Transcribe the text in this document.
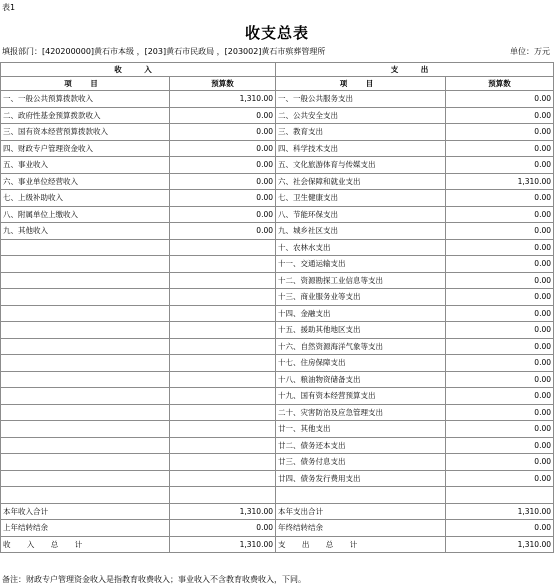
表1
收支总表
填报部门：[420200000]黄石市本级 ，[203]黄石市民政局 ，[203002]黄石市殡葬管理所	单位：万元
收 入		支 出	
项 目	预算数	项 目	预算数
一、一般公共预算拨款收入	1,310.00	一、一般公共服务支出	0.00
二、政府性基金预算拨款收入	0.00	二、公共安全支出	0.00
三、国有资本经营预算拨款收入	0.00	三、教育支出	0.00
四、财政专户管理资金收入	0.00	四、科学技术支出	0.00
五、事业收入	0.00	五、文化旅游体育与传媒支出	0.00
六、事业单位经营收入	0.00	六、社会保障和就业支出	1,310.00
七、上级补助收入	0.00	七、卫生健康支出	0.00
八、附属单位上缴收入	0.00	八、节能环保支出	0.00
九、其他收入	0.00	九、城乡社区支出	0.00
		十、农林水支出	0.00
		十一、交通运输支出	0.00
		十二、资源勘探工业信息等支出	0.00
		十三、商业服务业等支出	0.00
		十四、金融支出	0.00
		十五、援助其他地区支出	0.00
		十六、自然资源海洋气象等支出	0.00
		十七、住房保障支出	0.00
		十八、粮油物资储备支出	0.00
		十九、国有资本经营预算支出	0.00
		二十、灾害防治及应急管理支出	0.00
		廿一、其他支出	0.00
		廿二、债务还本支出	0.00
		廿三、债务付息支出	0.00
		廿四、债务发行费用支出	0.00

本年收入合计	1,310.00	本年支出合计	1,310.00
上年结转结余	0.00	年终结转结余	0.00
收 入 总 计	1,310.00	支 出 总 计	1,310.00
备注：财政专户管理资金收入是指教育收费收入；事业收入不含教育收费收入，下同。
